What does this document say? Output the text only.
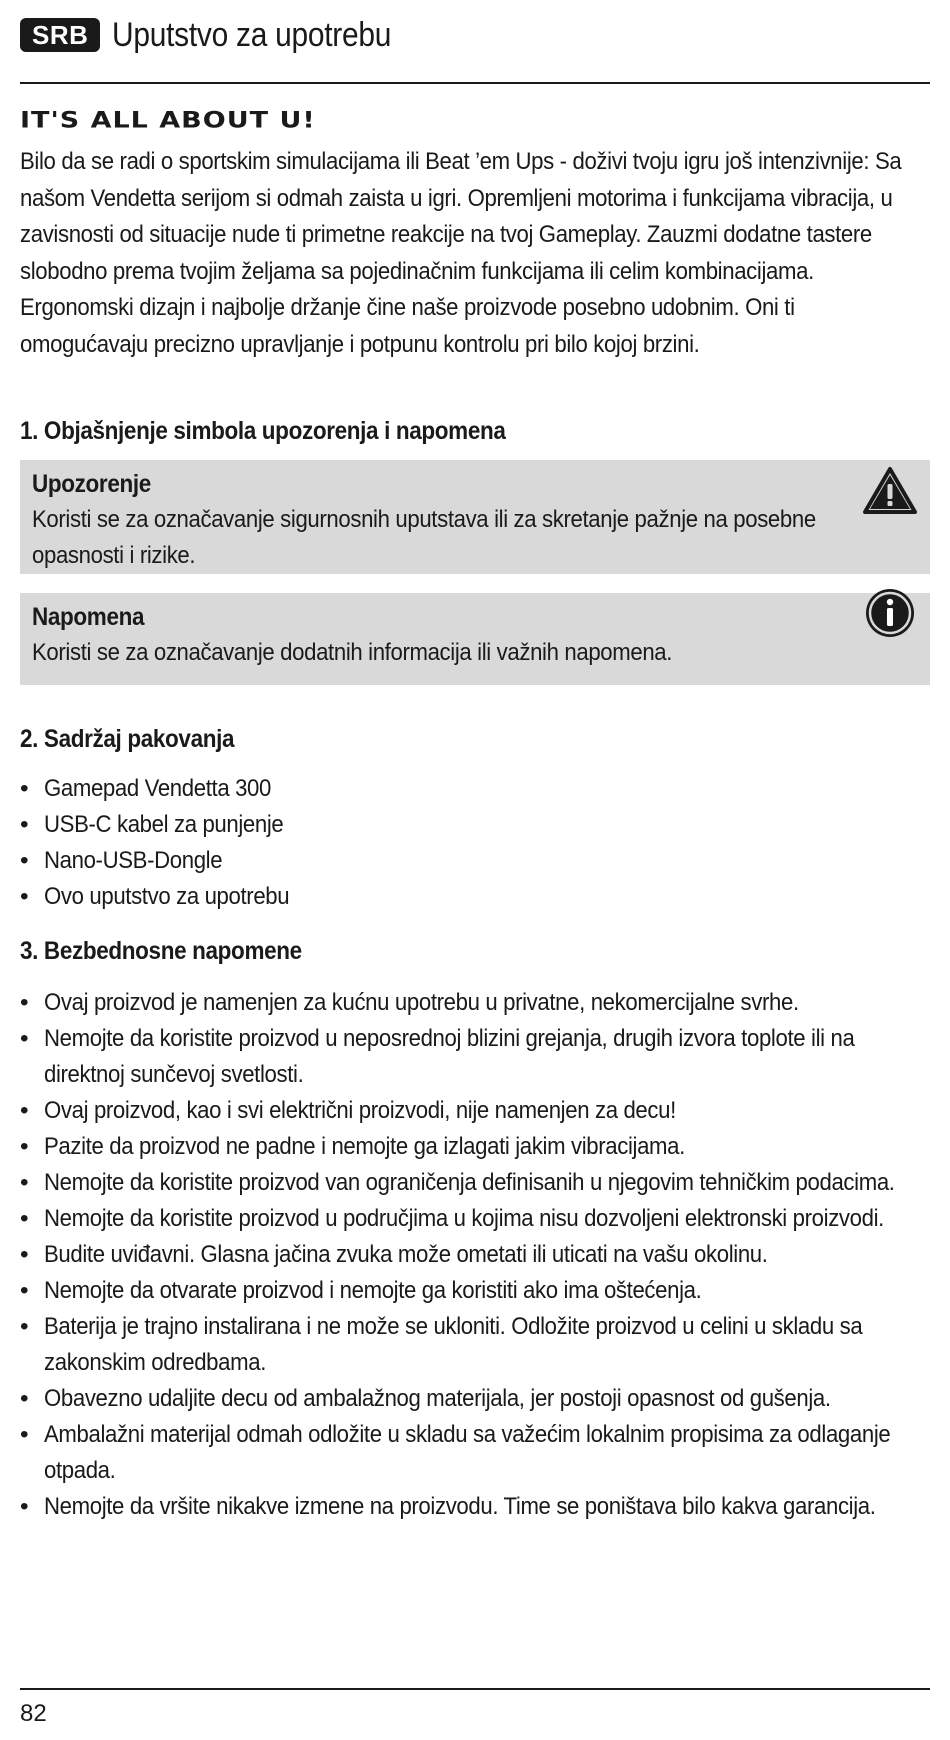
SRB Uputstvo za upotrebu
IT'S ALL ABOUT U!

Bilo da se radi o sportskim simulacijama ili Beat ’em Ups - doživi tvoju igru još intenzivnije: Sa našom Vendetta serijom si odmah zaista u igri. Opremljeni motorima i funkcijama vibracija, u zavisnosti od situacije nude ti primetne reakcije na tvoj Gameplay. Zauzmi dodatne tastere slobodno prema tvojim željama sa pojedinačnim funkcijama ili celim kombinacijama. Ergonomski dizajn i najbolje držanje čine naše proizvode posebno udobnim. Oni ti omogućavaju precizno upravljanje i potpunu kontrolu pri bilo kojoj brzini.

1. Objašnjenje simbola upozorenja i napomena
Upozorenje
Koristi se za označavanje sigurnosnih uputstava ili za skretanje pažnje na posebne opasnosti i rizike.
Napomena
Koristi se za označavanje dodatnih informacija ili važnih napomena.
2. Sadržaj pakovanja
• Gamepad Vendetta 300
• USB-C kabel za punjenje
• Nano-USB-Dongle
• Ovo uputstvo za upotrebu
3. Bezbednosne napomene
• Ovaj proizvod je namenjen za kućnu upotrebu u privatne, nekomercijalne svrhe.
• Nemojte da koristite proizvod u neposrednoj blizini grejanja, drugih izvora toplote ili na direktnoj sunčevoj svetlosti.
• Ovaj proizvod, kao i svi električni proizvodi, nije namenjen za decu!
• Pazite da proizvod ne padne i nemojte ga izlagati jakim vibracijama.
• Nemojte da koristite proizvod van ograničenja definisanih u njegovim tehničkim podacima.
• Nemojte da koristite proizvod u područjima u kojima nisu dozvoljeni elektronski proizvodi.
• Budite uviđavni. Glasna jačina zvuka može ometati ili uticati na vašu okolinu.
• Nemojte da otvarate proizvod i nemojte ga koristiti ako ima oštećenja.
• Baterija je trajno instalirana i ne može se ukloniti. Odložite proizvod u celini u skladu sa zakonskim odredbama.
• Obavezno udaljite decu od ambalažnog materijala, jer postoji opasnost od gušenja.
• Ambalažni materijal odmah odložite u skladu sa važećim lokalnim propisima za odlaganje otpada.
• Nemojte da vršite nikakve izmene na proizvodu. Time se poništava bilo kakva garancija.
82
